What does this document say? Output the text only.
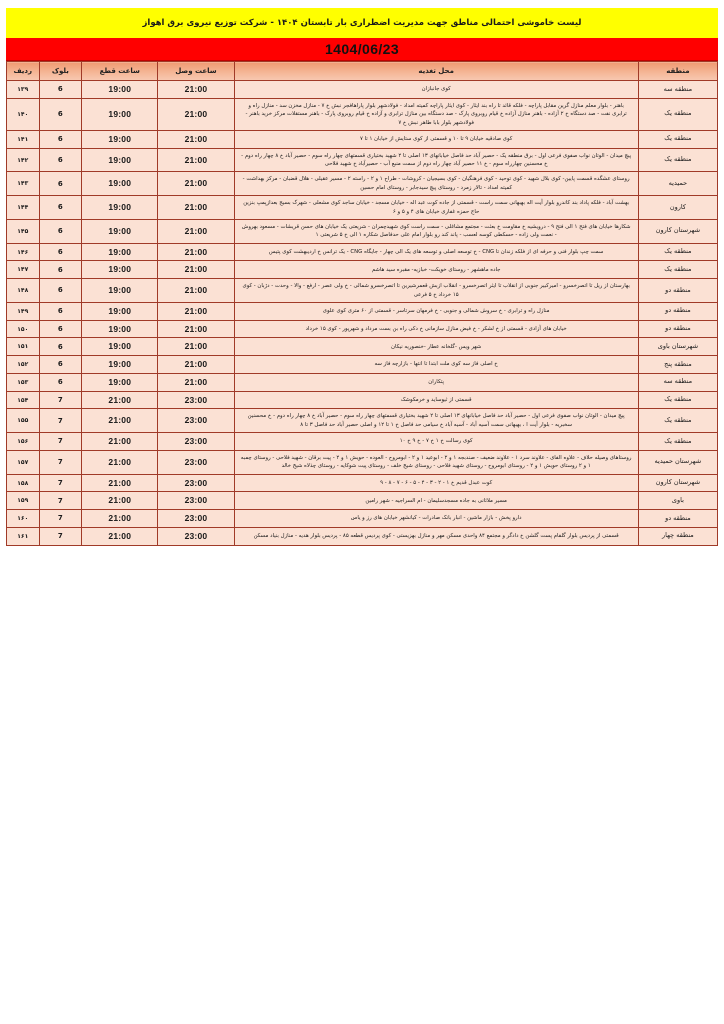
لیست خاموشی احتمالی مناطق جهت مدیریت اضطراری بار تابستان ۱۴۰۴ - شرکت توزیع نیروی برق اهواز
1404/06/23
منطقه	محل تغذیه	ساعت وصل	ساعت قطع	بلوک	ردیف
منطقه سه	کوی جانبازان	21:00	19:00	6	۱۳۹
منطقه یک	باهنر - بلوار معلم منازل گرین مقابل پاراچه - فلکه قائد تا راه بند ایثار - کوی ایثار پاراچه کمیته امداد - فولادشهر بلوار پاراهافجر نبش خ ۷ - منازل مخزن سد - منازل راه و ترابری نفت - صد دستگاه خ ۲ آزاده - باهنر منازل آزاده خ قیام روبروی پارک - صد دستگاه بین منازل ترابری و آزاده خ قیام روبروی پارک - باهنر مستقلات مرکز خرید باهنر - فولادشهر بلوار بابا طاهر نبش خ ۷	21:00	19:00	6	۱۴۰
منطقه یک	کوی صادقیه خیابان ۹ تا ۱۰ و قسمتی از کوی ستایش از خیابان ۱ تا ۷	21:00	19:00	6	۱۴۱
منطقه یک	پیچ میدان - الوتان نواب صفوی فرعی اول - برق منطقه یک - حصیر آباد حد فاصل خیابانهای ۱۳ اصلی تا ۲ شهید بختیاری قسمتهای چهار راه سوم - حصیر آباد خ ۸ چهار راه دوم - خ محسنین چهارراه سوم - خ ۱۱ حصیر آباد چهار راه دوم از سمت منبع آب - حصیرآباد خ شهید فلاحی	21:00	19:00	6	۱۴۲
حمیدیه	روستای عشگده قسمت پایین- کوی بلال شهید - کوی توحید - کوی فرهنگیان - کوی بسیجیان - کروشات - طراح ۱ و ۲ - راسته ۲ - مسیر عقیلی - هلال قضبان - مرکز بهداشت - کمیته امداد - تالار زمرد - روستای پیچ سیدجابر - روستای امام حسین	21:00	19:00	6	۱۴۳
کارون	بهشت آباد - فلکه پاداد بند کاندرو بلوار آیت اله بهبهانی سمت راست - قسمتی از جاده کوت عبد اله - خیابان مسجد - خیابان ساجد کوی مشعلی - شهرک بسیج بعدازپمپ بنزین حاج حمزه غفاری خیابان های ۴ و ۵ و ۶	21:00	19:00	6	۱۴۴
شهرستان کارون	شکارها خیابان های فتح ۱ الی فتح ۹ - درویشیه خ مقاومت خ بعثت - مجتمع مشاغلی - سمت راست کوی شهیدچمران - شریعتی یک خیابان های حسن قریشات - مسعود بهروش - نعمت ولی زاده - حسکطی کوسه لعسب - پاند کند رو بلوار امام علی حدفاصل شکاره ۱ الی خ ۵ شریعتی ۱	21:00	19:00	6	۱۴۵
منطقه یک	سمت چپ بلوار فنی و حرفه ای از فلکه زندان تا CNG - خ توسعه اصلی و توسعه های یک الی چهار - جایگاه CNG - یک ترانس خ اردیبهشت کوی پتیس	21:00	19:00	6	۱۴۶
منطقه یک	جاده ماهشهر - روستای خویکت- خبازیه- مقبره سید هاشم	21:00	19:00	6	۱۴۷
منطقه دو	بهارستان از ریل تا اتصرخسرو - امیرکبیر جنوبی از انقلاب تا ایثر اتصرخسرو - انقلاب ازبش قعمرشیرین تا اتصرخسرو شمالی - خ ولی عصر - ارفع - والا - وحدت - دژبان - کوی ۱۵ خرداد خ ۵ فرعی	21:00	19:00	6	۱۴۸
منطقه دو	منازل راه و ترابری - خ سروش شمالی و جنوبی - خ فرمهان سرتاسر - قسمتی از ۶۰ متری کوی علوی	21:00	19:00	6	۱۴۹
منطقه دو	خیابان های آزادی - قسمتی از خ لشکر - خ فیض منازل سازمانی خ دکی راه بن بست مرداد و شهرپور - کوی ۱۵ خرداد	21:00	19:00	6	۱۵۰
شهرستان باوی	شهر ویس -گلخانه عطار -خنصوریه نیکان	21:00	19:00	6	۱۵۱
منطقه پنج	خ اصلی فاز سه کوی ملت ابتدا تا انتها - بازارچه فاز سه	21:00	19:00	6	۱۵۲
منطقه سه	پتکاران	21:00	19:00	6	۱۵۳
منطقه یک	قسمتی از ثیوساید و خرمکوشک	23:00	21:00	7	۱۵۴
منطقه یک	پیچ میدان - الوتان نواب صفوی فرعی اول - حصیر آباد حد فاصل خیابانهای ۱۳ اصلی تا ۲ شهید بختیاری قسمتهای چهار راه سوم - حصیر آباد خ ۸ چهار راه دوم - خ محسنین سخبریه - بلوار آیت ا ، بهبهانی سمت آسیه آباد - آسیه آباد خ سیامی حد فاصل خ ۱ تا ۱۲ و اصلی حصیر آباد حد فاصل ۳ تا ۸	23:00	21:00	7	۱۵۵
منطقه یک	کوی رسالت خ ۱ خ ۷ - خ ۹ خ ۱۰	23:00	21:00	7	۱۵۶
شهرستان حمیدیه	روستاهای وصیله حلاف - علاوه الفای - علاوند سرد ۱ - علاوند ضعیف - صندبجه ۱ و ۲ - ابوعید ۱ و ۲ - ابومروح - العوده - حویش ۱ و ۲ - پیت برقان - شهید فلاحی - روستای چمبه ۱ و ۲ روستای حویش ۱ و ۲ - روستای ابومروح - روستای شهید فلاحی - روستای شیخ خلف - روستای پیت شوکایه - روستای چذلاه شیخ خالد	23:00	21:00	7	۱۵۷
شهرستان کارون	کوت عبدل قدیم خ ۱ - ۲ - ۳ - ۴ - ۵ - ۶ - ۷ - ۸ - ۹	23:00	21:00	7	۱۵۸
باوی	مسیر ملاثانی به جاده مسجدسلیمان - ام السراجیه - شهر رامین	23:00	21:00	7	۱۵۹
منطقه دو	دارو پخش - بازار ماشین - انبار بانک صادرات - کیانشهر خیابان های رز و یاس	23:00	21:00	7	۱۶۰
منطقه چهار	قسمتی از پردیس بلوار گلفام پست گلشن خ دادگر و مجتمع ۸۴ واحدی مسکن مهر و منازل بهزیستی - کوی پردیس قطعه ۸۵ - پردیس بلوار هدیه - منازل بنیاد مسکن	23:00	21:00	7	۱۶۱
